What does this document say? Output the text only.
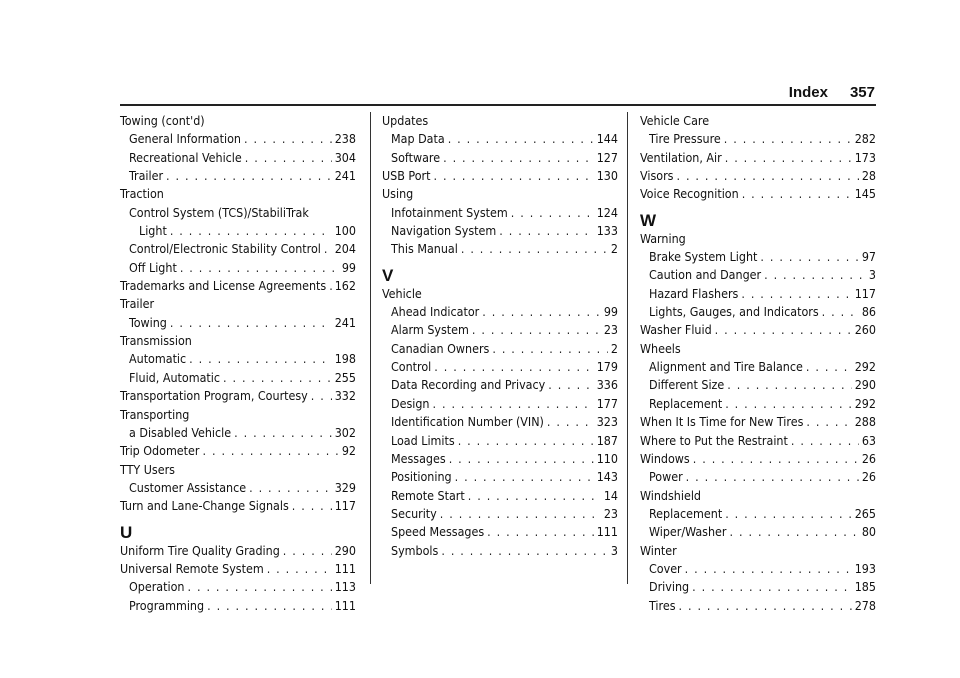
Index 357
Towing (cont'd)
General Information . . .	238
Recreational Vehicle . . .	304
Trailer . . .	241
Traction
Control System (TCS)/StabiliTrak
Light . . .	100
Control/Electronic Stability Control . . . 204
Off Light . . .	99
Trademarks and License Agreements . . . 162
Trailer
Towing . . .	241
Transmission
Automatic . . .	198
Fluid, Automatic . . .	255
Transportation Program, Courtesy . . . 332
Transporting
a Disabled Vehicle . . .	302
Trip Odometer . . .	92
TTY Users
Customer Assistance . . .	329
Turn and Lane-Change Signals . . .	117
U
Uniform Tire Quality Grading . . .	290
Universal Remote System . . .	111
Operation . . .	113
Programming . . .	111
Updates
Map Data . . .	144
Software . . .	127
USB Port . . .	130
Using
Infotainment System . . .	124
Navigation System . . .	133
This Manual . . .	2
V
Vehicle
Ahead Indicator . . .	99
Alarm System . . .	23
Canadian Owners . . .	2
Control . . .	179
Data Recording and Privacy . . .	336
Design . . .	177
Identification Number (VIN) . . .	323
Load Limits . . .	187
Messages . . .	110
Positioning . . .	143
Remote Start . . .	14
Security . . .	23
Speed Messages . . .	111
Symbols . . .	3
Vehicle Care
Tire Pressure . . .	282
Ventilation, Air . . .	173
Visors . . .	28
Voice Recognition . . .	145
W
Warning
Brake System Light . . .	97
Caution and Danger . . .	3
Hazard Flashers . . .	117
Lights, Gauges, and Indicators . . .	86
Washer Fluid . . .	260
Wheels
Alignment and Tire Balance . . .	292
Different Size . . .	290
Replacement . . .	292
When It Is Time for New Tires . . .	288
Where to Put the Restraint . . .	63
Windows . . .	26
Power . . .	26
Windshield
Replacement . . .	265
Wiper/Washer . . .	80
Winter
Cover . . .	193
Driving . . .	185
Tires . . .	278
